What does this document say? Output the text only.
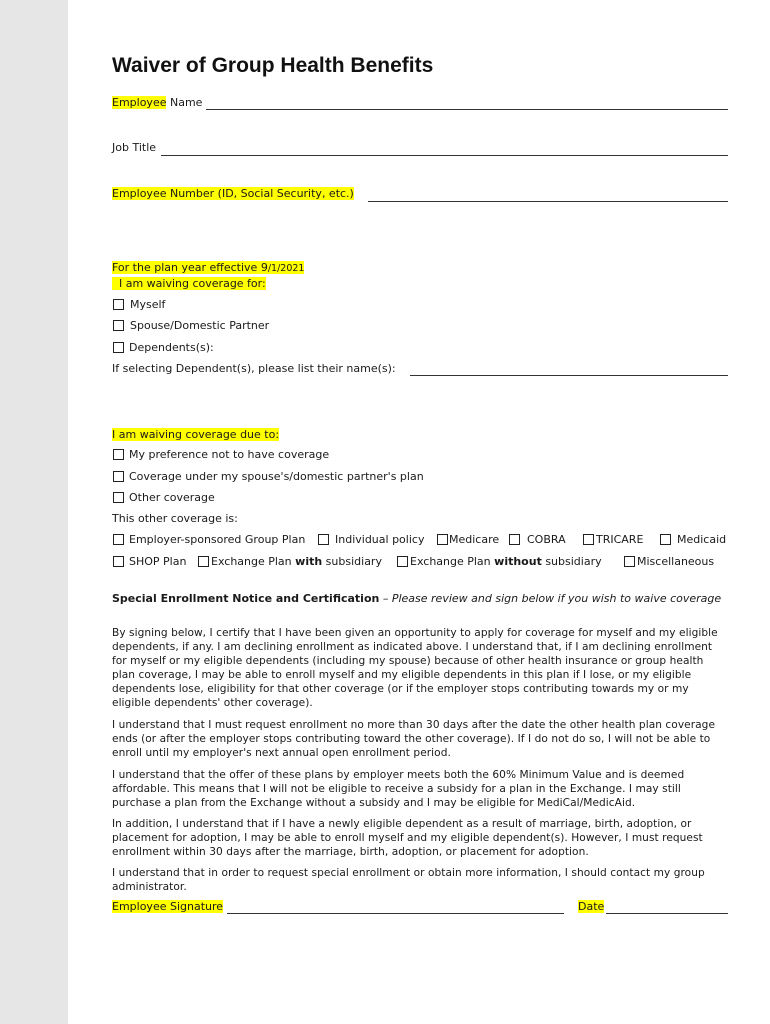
Waiver of Group Health Benefits
Employee Name
Job Title
Employee Number (ID, Social Security, etc.)
For the plan year effective 9/1/2021
I am waiving coverage for:
Myself
Spouse/Domestic Partner
Dependents(s):
If selecting Dependent(s), please list their name(s):
I am waiving coverage due to:
My preference not to have coverage
Coverage under my spouse's/domestic partner's plan
Other coverage
This other coverage is:
Employer-sponsored Group Plan	Individual policy Medicare	COBRA	TRICARE	Medicaid
SHOP Plan Exchange Plan with subsidiary	Exchange Plan without subsidiary	Miscellaneous
Special Enrollment Notice and Certification – Please review and sign below if you wish to waive coverage

By signing below, I certify that I have been given an opportunity to apply for coverage for myself and my eligible dependents, if any. I am declining enrollment as indicated above. I understand that, if I am declining enrollment for myself or my eligible dependents (including my spouse) because of other health insurance or group health plan coverage, I may be able to enroll myself and my eligible dependents in this plan if I lose, or my eligible dependents lose, eligibility for that other coverage (or if the employer stops contributing towards my or my eligible dependents' other coverage).

I understand that I must request enrollment no more than 30 days after the date the other health plan coverage ends (or after the employer stops contributing toward the other coverage). If I do not do so, I will not be able to enroll until my employer's next annual open enrollment period.

I understand that the offer of these plans by employer meets both the 60% Minimum Value and is deemed affordable. This means that I will not be eligible to receive a subsidy for a plan in the Exchange. I may still purchase a plan from the Exchange without a subsidy and I may be eligible for MediCal/MedicAid.

In addition, I understand that if I have a newly eligible dependent as a result of marriage, birth, adoption, or placement for adoption, I may be able to enroll myself and my eligible dependent(s). However, I must request enrollment within 30 days after the marriage, birth, adoption, or placement for adoption.

I understand that in order to request special enrollment or obtain more information, I should contact my group administrator.

Employee Signature	Date
